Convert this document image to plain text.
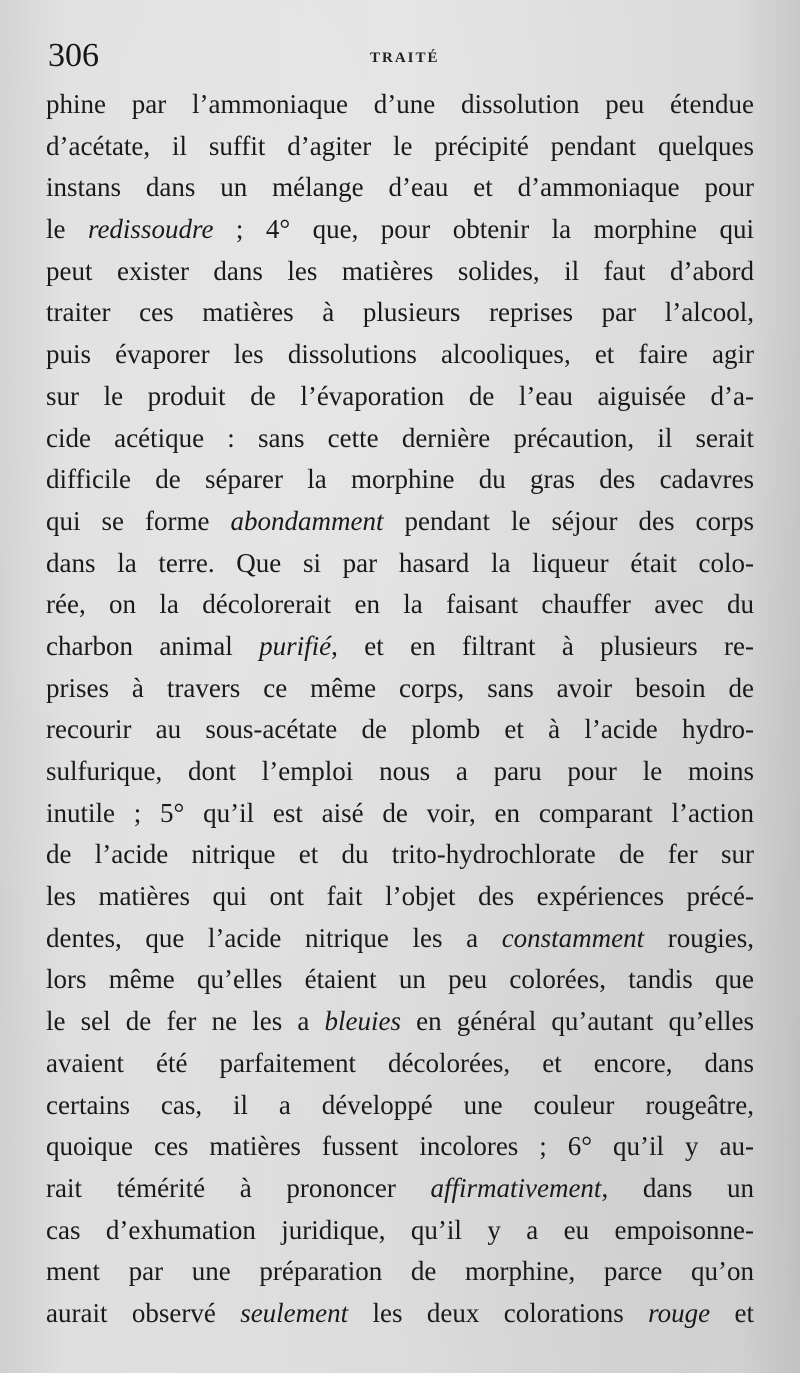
306	TRAITÉ
phine par l’ammoniaque d’une dissolution peu étendue
d’acétate, il suffit d’agiter le précipité pendant quelques
instans dans un mélange d’eau et d’ammoniaque pour
le redissoudre ; 4° que, pour obtenir la morphine qui
peut exister dans les matières solides, il faut d’abord
traiter ces matières à plusieurs reprises par l’alcool,
puis évaporer les dissolutions alcooliques, et faire agir
sur le produit de l’évaporation de l’eau aiguisée d’a-
cide acétique : sans cette dernière précaution, il serait
difficile de séparer la morphine du gras des cadavres
qui se forme abondamment pendant le séjour des corps
dans la terre. Que si par hasard la liqueur était colo-
rée, on la décolorerait en la faisant chauffer avec du
charbon animal purifié, et en filtrant à plusieurs re-
prises à travers ce même corps, sans avoir besoin de
recourir au sous-acétate de plomb et à l’acide hydro-
sulfurique, dont l’emploi nous a paru pour le moins
inutile ; 5° qu’il est aisé de voir, en comparant l’action
de l’acide nitrique et du trito-hydrochlorate de fer sur
les matières qui ont fait l’objet des expériences précé-
dentes, que l’acide nitrique les a constamment rougies,
lors même qu’elles étaient un peu colorées, tandis que
le sel de fer ne les a bleuies en général qu’autant qu’elles
avaient été parfaitement décolorées, et encore, dans
certains cas, il a développé une couleur rougeâtre,
quoique ces matières fussent incolores ; 6° qu’il y au-
rait témérité à prononcer affirmativement, dans un
cas d’exhumation juridique, qu’il y a eu empoisonne-
ment par une préparation de morphine, parce qu’on
aurait observé seulement les deux colorations rouge et
